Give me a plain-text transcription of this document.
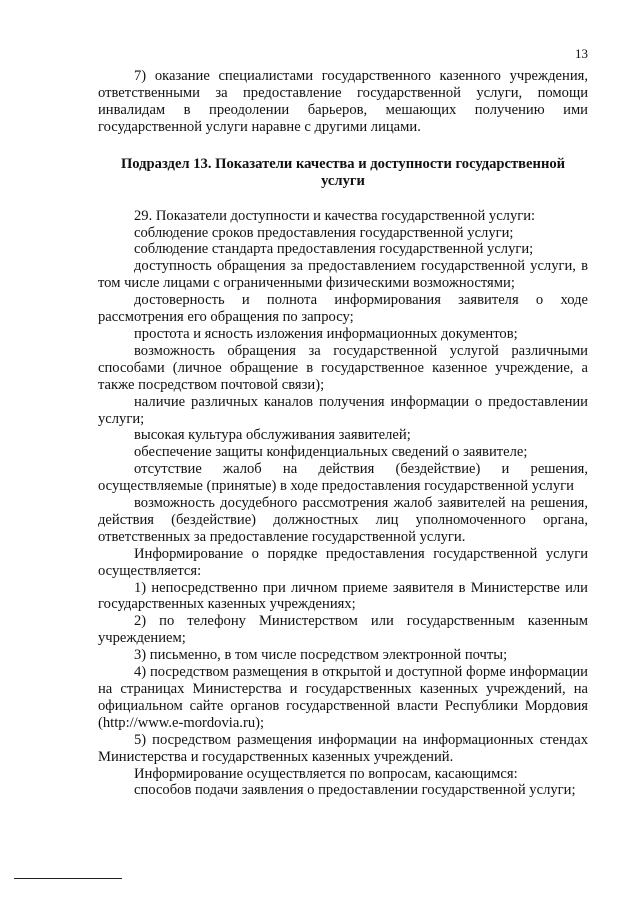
13

7) оказание специалистами государственного казенного учреждения, ответственными за предоставление государственной услуги, помощи инвалидам в преодолении барьеров, мешающих получению ими государственной услуги наравне с другими лицами.

Подраздел 13. Показатели качества и доступности государственной услуги

29. Показатели доступности и качества государственной услуги:

соблюдение сроков предоставления государственной услуги;

соблюдение стандарта предоставления государственной услуги;

доступность обращения за предоставлением государственной услуги, в том числе лицами с ограниченными физическими возможностями;

достоверность и полнота информирования заявителя о ходе рассмотрения его обращения по запросу;

простота и ясность изложения информационных документов;

возможность обращения за государственной услугой различными способами (личное обращение в государственное казенное учреждение, а также посредством почтовой связи);

наличие различных каналов получения информации о предоставлении услуги;

высокая культура обслуживания заявителей;

обеспечение защиты конфиденциальных сведений о заявителе;

отсутствие жалоб на действия (бездействие) и решения, осуществляемые (принятые) в ходе предоставления государственной услуги

возможность досудебного рассмотрения жалоб заявителей на решения, действия (бездействие) должностных лиц уполномоченного органа, ответственных за предоставление государственной услуги.

Информирование о порядке предоставления государственной услуги осуществляется:

1) непосредственно при личном приеме заявителя в Министерстве или государственных казенных учреждениях;

2) по телефону Министерством или государственным казенным учреждением;

3) письменно, в том числе посредством электронной почты;

4) посредством размещения в открытой и доступной форме информации на страницах Министерства и государственных казенных учреждений, на официальном сайте органов государственной власти Республики Мордовия (http://www.e-mordovia.ru);

5) посредством размещения информации на информационных стендах Министерства и государственных казенных учреждений.

Информирование осуществляется по вопросам, касающимся:

способов подачи заявления о предоставлении государственной услуги;
